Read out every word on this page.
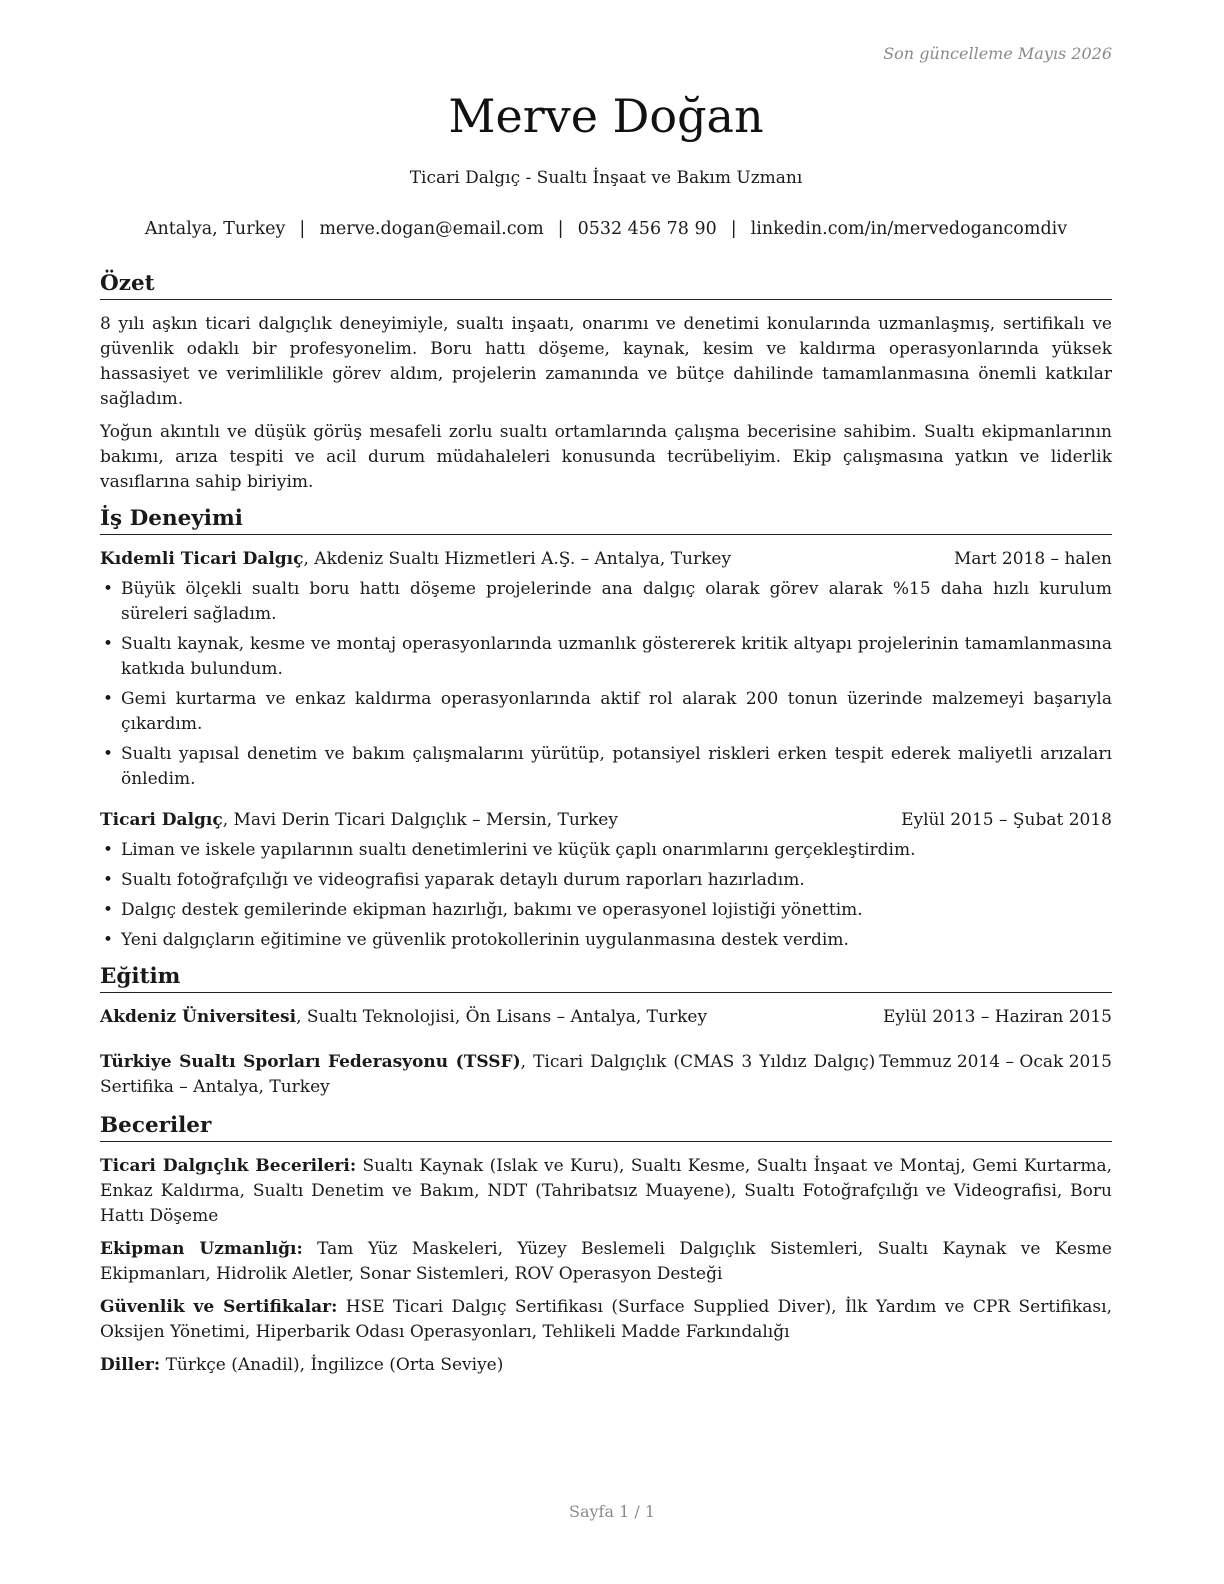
Son güncelleme Mayıs 2026
Merve Doğan
Ticari Dalgıç - Sualtı İnşaat ve Bakım Uzmanı
Antalya, Turkey | merve.dogan@email.com | 0532 456 78 90 | linkedin.com/in/mervedogancomdiv
Özet

8 yılı aşkın ticari dalgıçlık deneyimiyle, sualtı inşaatı, onarımı ve denetimi konularında uzmanlaşmış, sertifikalı ve güvenlik odaklı bir profesyonelim. Boru hattı döşeme, kaynak, kesim ve kaldırma operasyonlarında yüksek hassasiyet ve verimlilikle görev aldım, projelerin zamanında ve bütçe dahilinde tamamlanmasına önemli katkılar sağladım.

Yoğun akıntılı ve düşük görüş mesafeli zorlu sualtı ortamlarında çalışma becerisine sahibim. Sualtı ekipmanlarının bakımı, arıza tespiti ve acil durum müdahaleleri konusunda tecrübeliyim. Ekip çalışmasına yatkın ve liderlik vasıflarına sahip biriyim.

İş Deneyimi
Kıdemli Ticari Dalgıç, Akdeniz Sualtı Hizmetleri A.Ş. – Antalya, Turkey	Mart 2018 – halen
• Büyük ölçekli sualtı boru hattı döşeme projelerinde ana dalgıç olarak görev alarak %15 daha hızlı kurulum süreleri sağladım.
• Sualtı kaynak, kesme ve montaj operasyonlarında uzmanlık göstererek kritik altyapı projelerinin tamamlanmasına katkıda bulundum.
• Gemi kurtarma ve enkaz kaldırma operasyonlarında aktif rol alarak 200 tonun üzerinde malzemeyi başarıyla çıkardım.
• Sualtı yapısal denetim ve bakım çalışmalarını yürütüp, potansiyel riskleri erken tespit ederek maliyetli arızaları önledim.
Ticari Dalgıç, Mavi Derin Ticari Dalgıçlık – Mersin, Turkey	Eylül 2015 – Şubat 2018
• Liman ve iskele yapılarının sualtı denetimlerini ve küçük çaplı onarımlarını gerçekleştirdim.
• Sualtı fotoğrafçılığı ve videografisi yaparak detaylı durum raporları hazırladım.
• Dalgıç destek gemilerinde ekipman hazırlığı, bakımı ve operasyonel lojistiği yönettim.
• Yeni dalgıçların eğitimine ve güvenlik protokollerinin uygulanmasına destek verdim.
Eğitim
Akdeniz Üniversitesi, Sualtı Teknolojisi, Ön Lisans – Antalya, Turkey	Eylül 2013 – Haziran 2015
Türkiye Sualtı Sporları Federasyonu (TSSF), Ticari Dalgıçlık (CMAS 3 Yıldız Dalgıç) Sertifika – Antalya, Turkey
Temmuz 2014 – Ocak 2015
Beceriler
Ticari Dalgıçlık Becerileri: Sualtı Kaynak (Islak ve Kuru), Sualtı Kesme, Sualtı İnşaat ve Montaj, Gemi Kurtarma, Enkaz Kaldırma, Sualtı Denetim ve Bakım, NDT (Tahribatsız Muayene), Sualtı Fotoğrafçılığı ve Videografisi, Boru Hattı Döşeme
Ekipman Uzmanlığı: Tam Yüz Maskeleri, Yüzey Beslemeli Dalgıçlık Sistemleri, Sualtı Kaynak ve Kesme Ekipmanları, Hidrolik Aletler, Sonar Sistemleri, ROV Operasyon Desteği
Güvenlik ve Sertifikalar: HSE Ticari Dalgıç Sertifikası (Surface Supplied Diver), İlk Yardım ve CPR Sertifikası, Oksijen Yönetimi, Hiperbarik Odası Operasyonları, Tehlikeli Madde Farkındalığı
Diller: Türkçe (Anadil), İngilizce (Orta Seviye)
Sayfa 1 / 1
